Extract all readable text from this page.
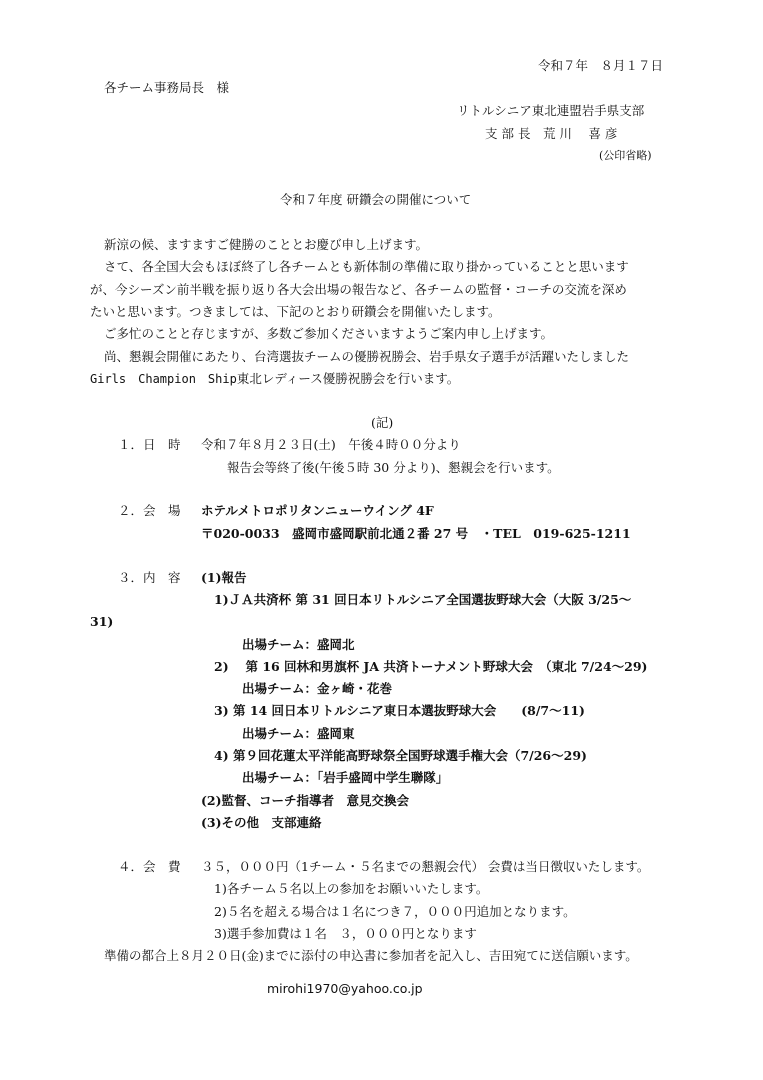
令和７年　８月１７日
各チーム事務局長　様
リトルシニア東北連盟岩手県支部
支 部 長　荒 川　 喜 彦
(公印省略)
令和７年度 研鑽会の開催について
新涼の候、ますますご健勝のこととお慶び申し上げます。
さて、各全国大会もほぼ終了し各チームとも新体制の準備に取り掛かっていることと思います
が、今シーズン前半戦を振り返り各大会出場の報告など、各チームの監督・コーチの交流を深め
たいと思います。つきましては、下記のとおり研鑽会を開催いたします。
ご多忙のことと存じますが、多数ご参加くださいますようご案内申し上げます。
尚、懇親会開催にあたり、台湾選抜チームの優勝祝勝会、岩手県女子選手が活躍いたしました
Girls　Champion　Ship東北レディース優勝祝勝会を行います。
(記)
１．日　時 令和７年８月２３日(土)　午後４時００分より
報告会等終了後(午後５時 30 分より)、懇親会を行います。
２．会　場 ホテルメトロポリタンニューウイング 4F
〒020-0033　盛岡市盛岡駅前北通２番 27 号　・TEL　019-625-1211
３．内　容 (1)報告
1)ＪＡ共済杯 第 31 回日本リトルシニア全国選抜野球大会（大阪 3/25～
31)
出場チーム：盛岡北
2)　 第 16 回林和男旗杯 JA 共済トーナメント野球大会　（東北 7/24～29)
出場チーム：金ヶ崎・花巻
3) 第 14 回日本リトルシニア東日本選抜野球大会　　(8/7～11)
出場チーム：盛岡東
4) 第９回花蓮太平洋能高野球祭全国野球選手権大会（7/26～29)
出場チーム：｢岩手盛岡中学生聯隊｣
(2)監督、コーチ指導者　意見交換会
(3)その他　支部連絡
４．会　費 ３５，０００円（1チーム・５名までの懇親会代） 会費は当日徴収いたします。
1)各チーム５名以上の参加をお願いいたします。
2)５名を超える場合は１名につき７，０００円追加となります。
3)選手参加費は１名　３，０００円となります
準備の都合上８月２０日(金)までに添付の申込書に参加者を記入し、吉田宛てに送信願います。
mirohi1970@yahoo.co.jp
